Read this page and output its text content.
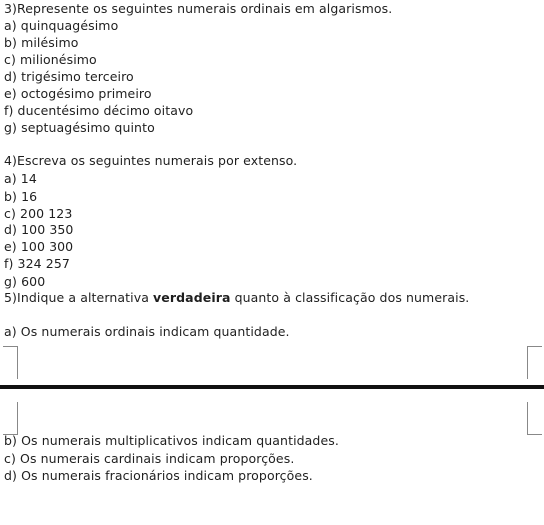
3)Represente os seguintes numerais ordinais em algarismos.
a) quinquagésimo
b) milésimo
c) milionésimo
d) trigésimo terceiro
e) octogésimo primeiro
f) ducentésimo décimo oitavo
g) septuagésimo quinto
4)Escreva os seguintes numerais por extenso.
a) 14
b) 16
c) 200 123
d) 100 350
e) 100 300
f) 324 257
g) 600
5)Indique a alternativa verdadeira quanto à classificação dos numerais.
a) Os numerais ordinais indicam quantidade.
b) Os numerais multiplicativos indicam quantidades.
c) Os numerais cardinais indicam proporções.
d) Os numerais fracionários indicam proporções.
